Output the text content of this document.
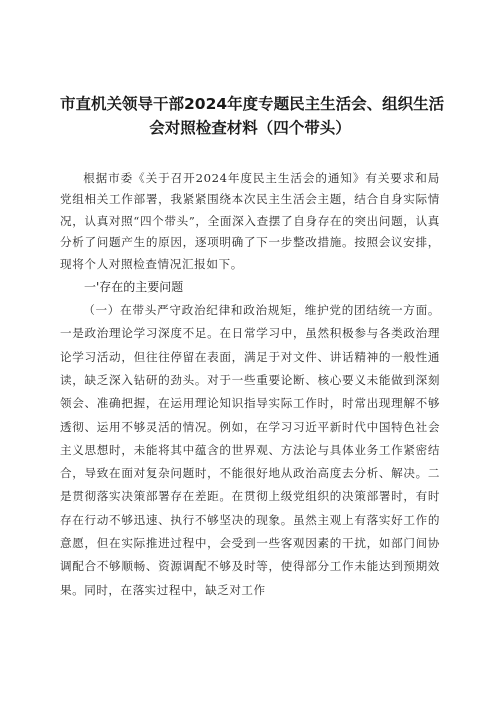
市直机关领导干部2024年度专题民主生活会、组织生活
会对照检查材料（四个带头）

根据市委《关于召开2024年度民主生活会的通知》有关要求和局党组相关工作部署，我紧紧围绕本次民主生活会主题，结合自身实际情况，认真对照“四个带头”，全面深入查摆了自身存在的突出问题，认真分析了问题产生的原因，逐项明确了下一步整改措施。按照会议安排，现将个人对照检查情况汇报如下。

一'存在的主要问题

（一）在带头严守政治纪律和政治规矩，维护党的团结统一方面。一是政治理论学习深度不足。在日常学习中，虽然积极参与各类政治理论学习活动，但往往停留在表面，满足于对文件、讲话精神的一般性通读，缺乏深入钻研的劲头。对于一些重要论断、核心要义未能做到深刻领会、准确把握，在运用理论知识指导实际工作时，时常出现理解不够透彻、运用不够灵活的情况。例如，在学习习近平新时代中国特色社会主义思想时，未能将其中蕴含的世界观、方法论与具体业务工作紧密结合，导致在面对复杂问题时，不能很好地从政治高度去分析、解决。二是贯彻落实决策部署存在差距。在贯彻上级党组织的决策部署时，有时存在行动不够迅速、执行不够坚决的现象。虽然主观上有落实好工作的意愿，但在实际推进过程中，会受到一些客观因素的干扰，如部门间协调配合不够顺畅、资源调配不够及时等，使得部分工作未能达到预期效果。同时，在落实过程中，缺乏对工作
